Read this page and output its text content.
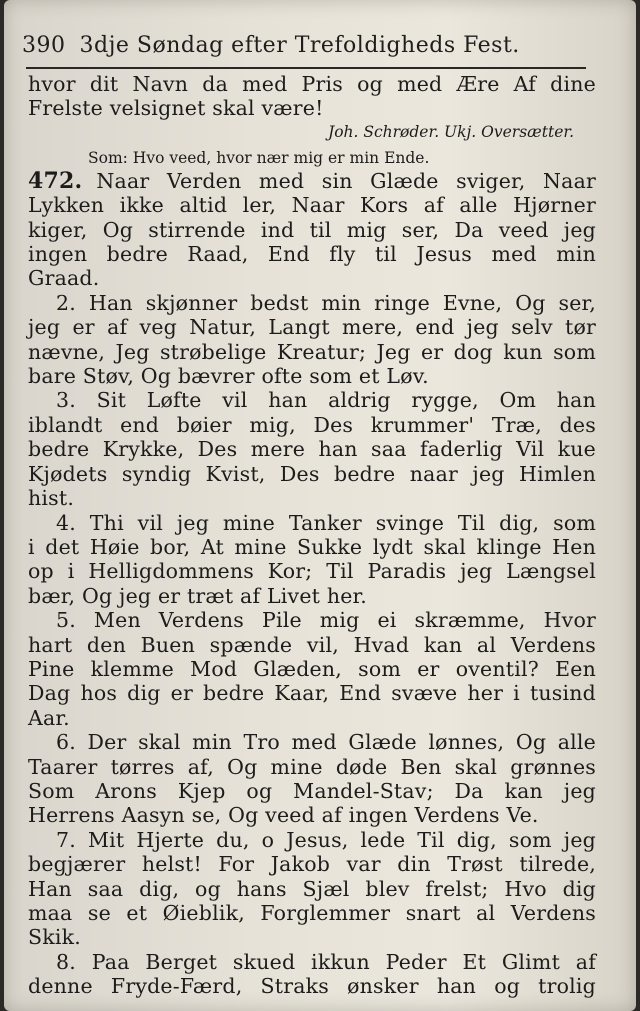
390 3dje Søndag efter Trefoldigheds Fest.
hvor dit Navn da med Pris og med Ære Af dine
Frelste velsignet skal være!
Joh. Schrøder. Ukj. Oversætter.
Som: Hvo veed, hvor nær mig er min Ende.
472. Naar Verden med sin Glæde sviger, Naar
Lykken ikke altid ler, Naar Kors af alle Hjørner
kiger, Og stirrende ind til mig ser, Da veed jeg
ingen bedre Raad, End fly til Jesus med min
Graad.
2. Han skjønner bedst min ringe Evne, Og ser,
jeg er af veg Natur, Langt mere, end jeg selv tør
nævne, Jeg strøbelige Kreatur; Jeg er dog kun som
bare Støv, Og bævrer ofte som et Løv.
3. Sit Løfte vil han aldrig rygge, Om han
iblandt end bøier mig, Des krummer' Træ, des
bedre Krykke, Des mere han saa faderlig Vil kue
Kjødets syndig Kvist, Des bedre naar jeg Himlen
hist.
4. Thi vil jeg mine Tanker svinge Til dig, som
i det Høie bor, At mine Sukke lydt skal klinge Hen
op i Helligdommens Kor; Til Paradis jeg Længsel
bær, Og jeg er træt af Livet her.
5. Men Verdens Pile mig ei skræmme, Hvor
hart den Buen spænde vil, Hvad kan al Verdens
Pine klemme Mod Glæden, som er oventil? Een
Dag hos dig er bedre Kaar, End svæve her i tusind
Aar.
6. Der skal min Tro med Glæde lønnes, Og alle
Taarer tørres af, Og mine døde Ben skal grønnes
Som Arons Kjep og Mandel-Stav; Da kan jeg
Herrens Aasyn se, Og veed af ingen Verdens Ve.
7. Mit Hjerte du, o Jesus, lede Til dig, som jeg
begjærer helst! For Jakob var din Trøst tilrede,
Han saa dig, og hans Sjæl blev frelst; Hvo dig
maa se et Øieblik, Forglemmer snart al Verdens
Skik.
8. Paa Berget skued ikkun Peder Et Glimt af
denne Fryde-Færd, Straks ønsker han og trolig
